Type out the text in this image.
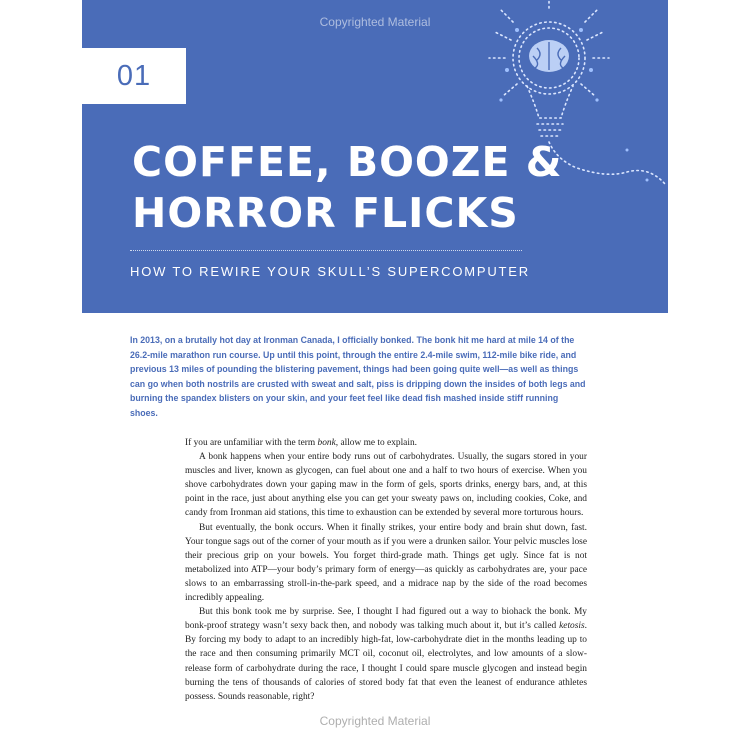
Copyrighted Material
01
COFFEE, BOOZE &
HORROR FLICKS
HOW TO REWIRE YOUR SKULL’S SUPERCOMPUTER

In 2013, on a brutally hot day at Ironman Canada, I officially bonked. The bonk hit me hard at mile 14 of the 26.2-mile marathon run course. Up until this point, through the entire 2.4-mile swim, 112-mile bike ride, and previous 13 miles of pounding the blistering pavement, things had been going quite well—as well as things can go when both nostrils are crusted with sweat and salt, piss is dripping down the insides of both legs and burning the spandex blisters on your skin, and your feet feel like dead fish mashed inside stiff running shoes.

If you are unfamiliar with the term bonk, allow me to explain.

A bonk happens when your entire body runs out of carbohydrates. Usually, the sugars stored in your muscles and liver, known as glycogen, can fuel about one and a half to two hours of exercise. When you shove carbohydrates down your gaping maw in the form of gels, sports drinks, energy bars, and, at this point in the race, just about anything else you can get your sweaty paws on, including cookies, Coke, and candy from Ironman aid stations, this time to exhaustion can be extended by several more torturous hours.

But eventually, the bonk occurs. When it finally strikes, your entire body and brain shut down, fast. Your tongue sags out of the corner of your mouth as if you were a drunken sailor. Your pelvic muscles lose their precious grip on your bowels. You forget third-grade math. Things get ugly. Since fat is not metabolized into ATP—your body’s primary form of energy—as quickly as carbohydrates are, your pace slows to an embarrassing stroll-in-the-park speed, and a midrace nap by the side of the road becomes incredibly appealing.

But this bonk took me by surprise. See, I thought I had figured out a way to biohack the bonk. My bonk-proof strategy wasn’t sexy back then, and nobody was talking much about it, but it’s called ketosis. By forcing my body to adapt to an incredibly high-fat, low-carbohydrate diet in the months leading up to the race and then consuming primarily MCT oil, coconut oil, electrolytes, and low amounts of a slow-release form of carbohydrate during the race, I thought I could spare muscle glycogen and instead begin burning the tens of thousands of calories of stored body fat that even the leanest of endurance athletes possess. Sounds reasonable, right?

Copyrighted Material
